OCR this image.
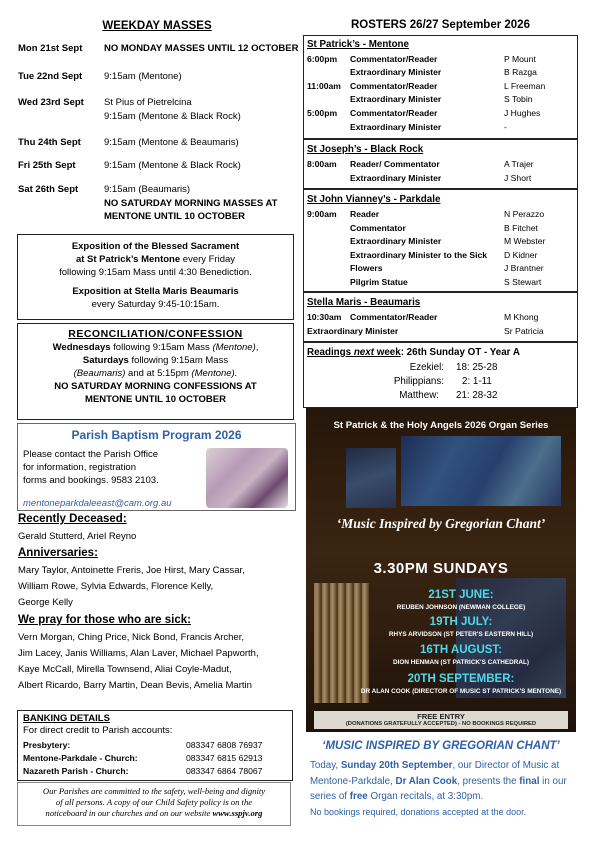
WEEKDAY MASSES
Mon 21st Sept	NO MONDAY MASSES UNTIL 12 OCTOBER
Tue 22nd Sept	9:15am (Mentone)
Wed 23rd Sept	St Pius of Pietrelcina
9:15am (Mentone & Black Rock)
Thu 24th Sept	9:15am (Mentone & Beaumaris)
Fri 25th Sept	9:15am (Mentone & Black Rock)
Sat 26th Sept	9:15am (Beaumaris)
NO SATURDAY MORNING MASSES AT
MENTONE UNTIL 10 OCTOBER
Exposition of the Blessed Sacrament
at St Patrick’s Mentone every Friday
following 9:15am Mass until 4:30 Benediction.
Exposition at Stella Maris Beaumaris
every Saturday 9:45-10:15am.
RECONCILIATION/CONFESSION
Wednesdays following 9:15am Mass (Mentone),
Saturdays following 9:15am Mass
(Beaumaris) and at 5:15pm (Mentone).
NO SATURDAY MORNING CONFESSIONS AT
MENTONE UNTIL 10 OCTOBER
Parish Baptism Program 2026
Please contact the Parish Office
for information, registration
forms and bookings. 9583 2103.
mentoneparkdaleeast@cam.org.au
Recently Deceased:
Gerald Stutterd, Ariel Reyno
Anniversaries:
Mary Taylor, Antoinette Freris, Joe Hirst, Mary Cassar,
William Rowe, Sylvia Edwards, Florence Kelly,
George Kelly
We pray for those who are sick:
Vern Morgan, Ching Price, Nick Bond, Francis Archer,
Jim Lacey, Janis Williams, Alan Laver, Michael Papworth,
Kaye McCall, Mirella Townsend, Aliai Coyle-Madut,
Albert Ricardo, Barry Martin, Dean Bevis, Amelia Martin
BANKING DETAILS
For direct credit to Parish accounts:
Presbytery:	083347 6808 76937
Mentone-Parkdale - Church:	083347 6815 62913
Nazareth Parish - Church:	083347 6864 78067
Our Parishes are committed to the safety, well-being and dignity
of all persons. A copy of our Child Safety policy is on the
noticeboard in our churches and on our website www.sspjv.org
ROSTERS 26/27 September 2026
St Patrick’s - Mentone
6:00pm Commentator/Reader	P Mount
Extraordinary Minister	B Razga
11:00am Commentator/Reader	L Freeman
Extraordinary Minister	S Tobin
5:00pm Commentator/Reader	J Hughes
Extraordinary Minister	-
St Joseph’s - Black Rock
8:00am Reader/ Commentator	A Trajer
Extraordinary Minister	J Short
St John Vianney’s - Parkdale
9:00am Reader	N Perazzo
Commentator	B Fitchet
Extraordinary Minister	M Webster
Extraordinary Minister to the Sick D Kidner
Flowers	J Brantner
Pilgrim Statue	S Stewart
Stella Maris - Beaumaris
10:30am Commentator/Reader	M Khong
Extraordinary Minister	Sr Patricia
Readings next week: 26th Sunday OT - Year A
Ezekiel: 18: 25-28
Philippians: 2: 1-11
Matthew: 21: 28-32
St Patrick & the Holy Angels 2026 Organ Series
‘Music Inspired by Gregorian Chant’
3.30PM SUNDAYS
21ST JUNE:
REUBEN JOHNSON (NEWMAN COLLEGE)
19TH JULY:
RHYS ARVIDSON (ST PETER'S EASTERN HILL)
16TH AUGUST:
DION HENMAN (ST PATRICK'S CATHEDRAL)
20TH SEPTEMBER:
DR ALAN COOK (DIRECTOR OF MUSIC ST PATRICK'S MENTONE)
FREE ENTRY
(DONATIONS GRATEFULLY ACCEPTED) - NO BOOKINGS REQUIRED
‘MUSIC INSPIRED BY GREGORIAN CHANT’
Today, Sunday 20th September, our Director of Music at Mentone-Parkdale, Dr Alan Cook, presents the final in our series of free Organ recitals, at 3:30pm.
No bookings required, donations accepted at the door.
